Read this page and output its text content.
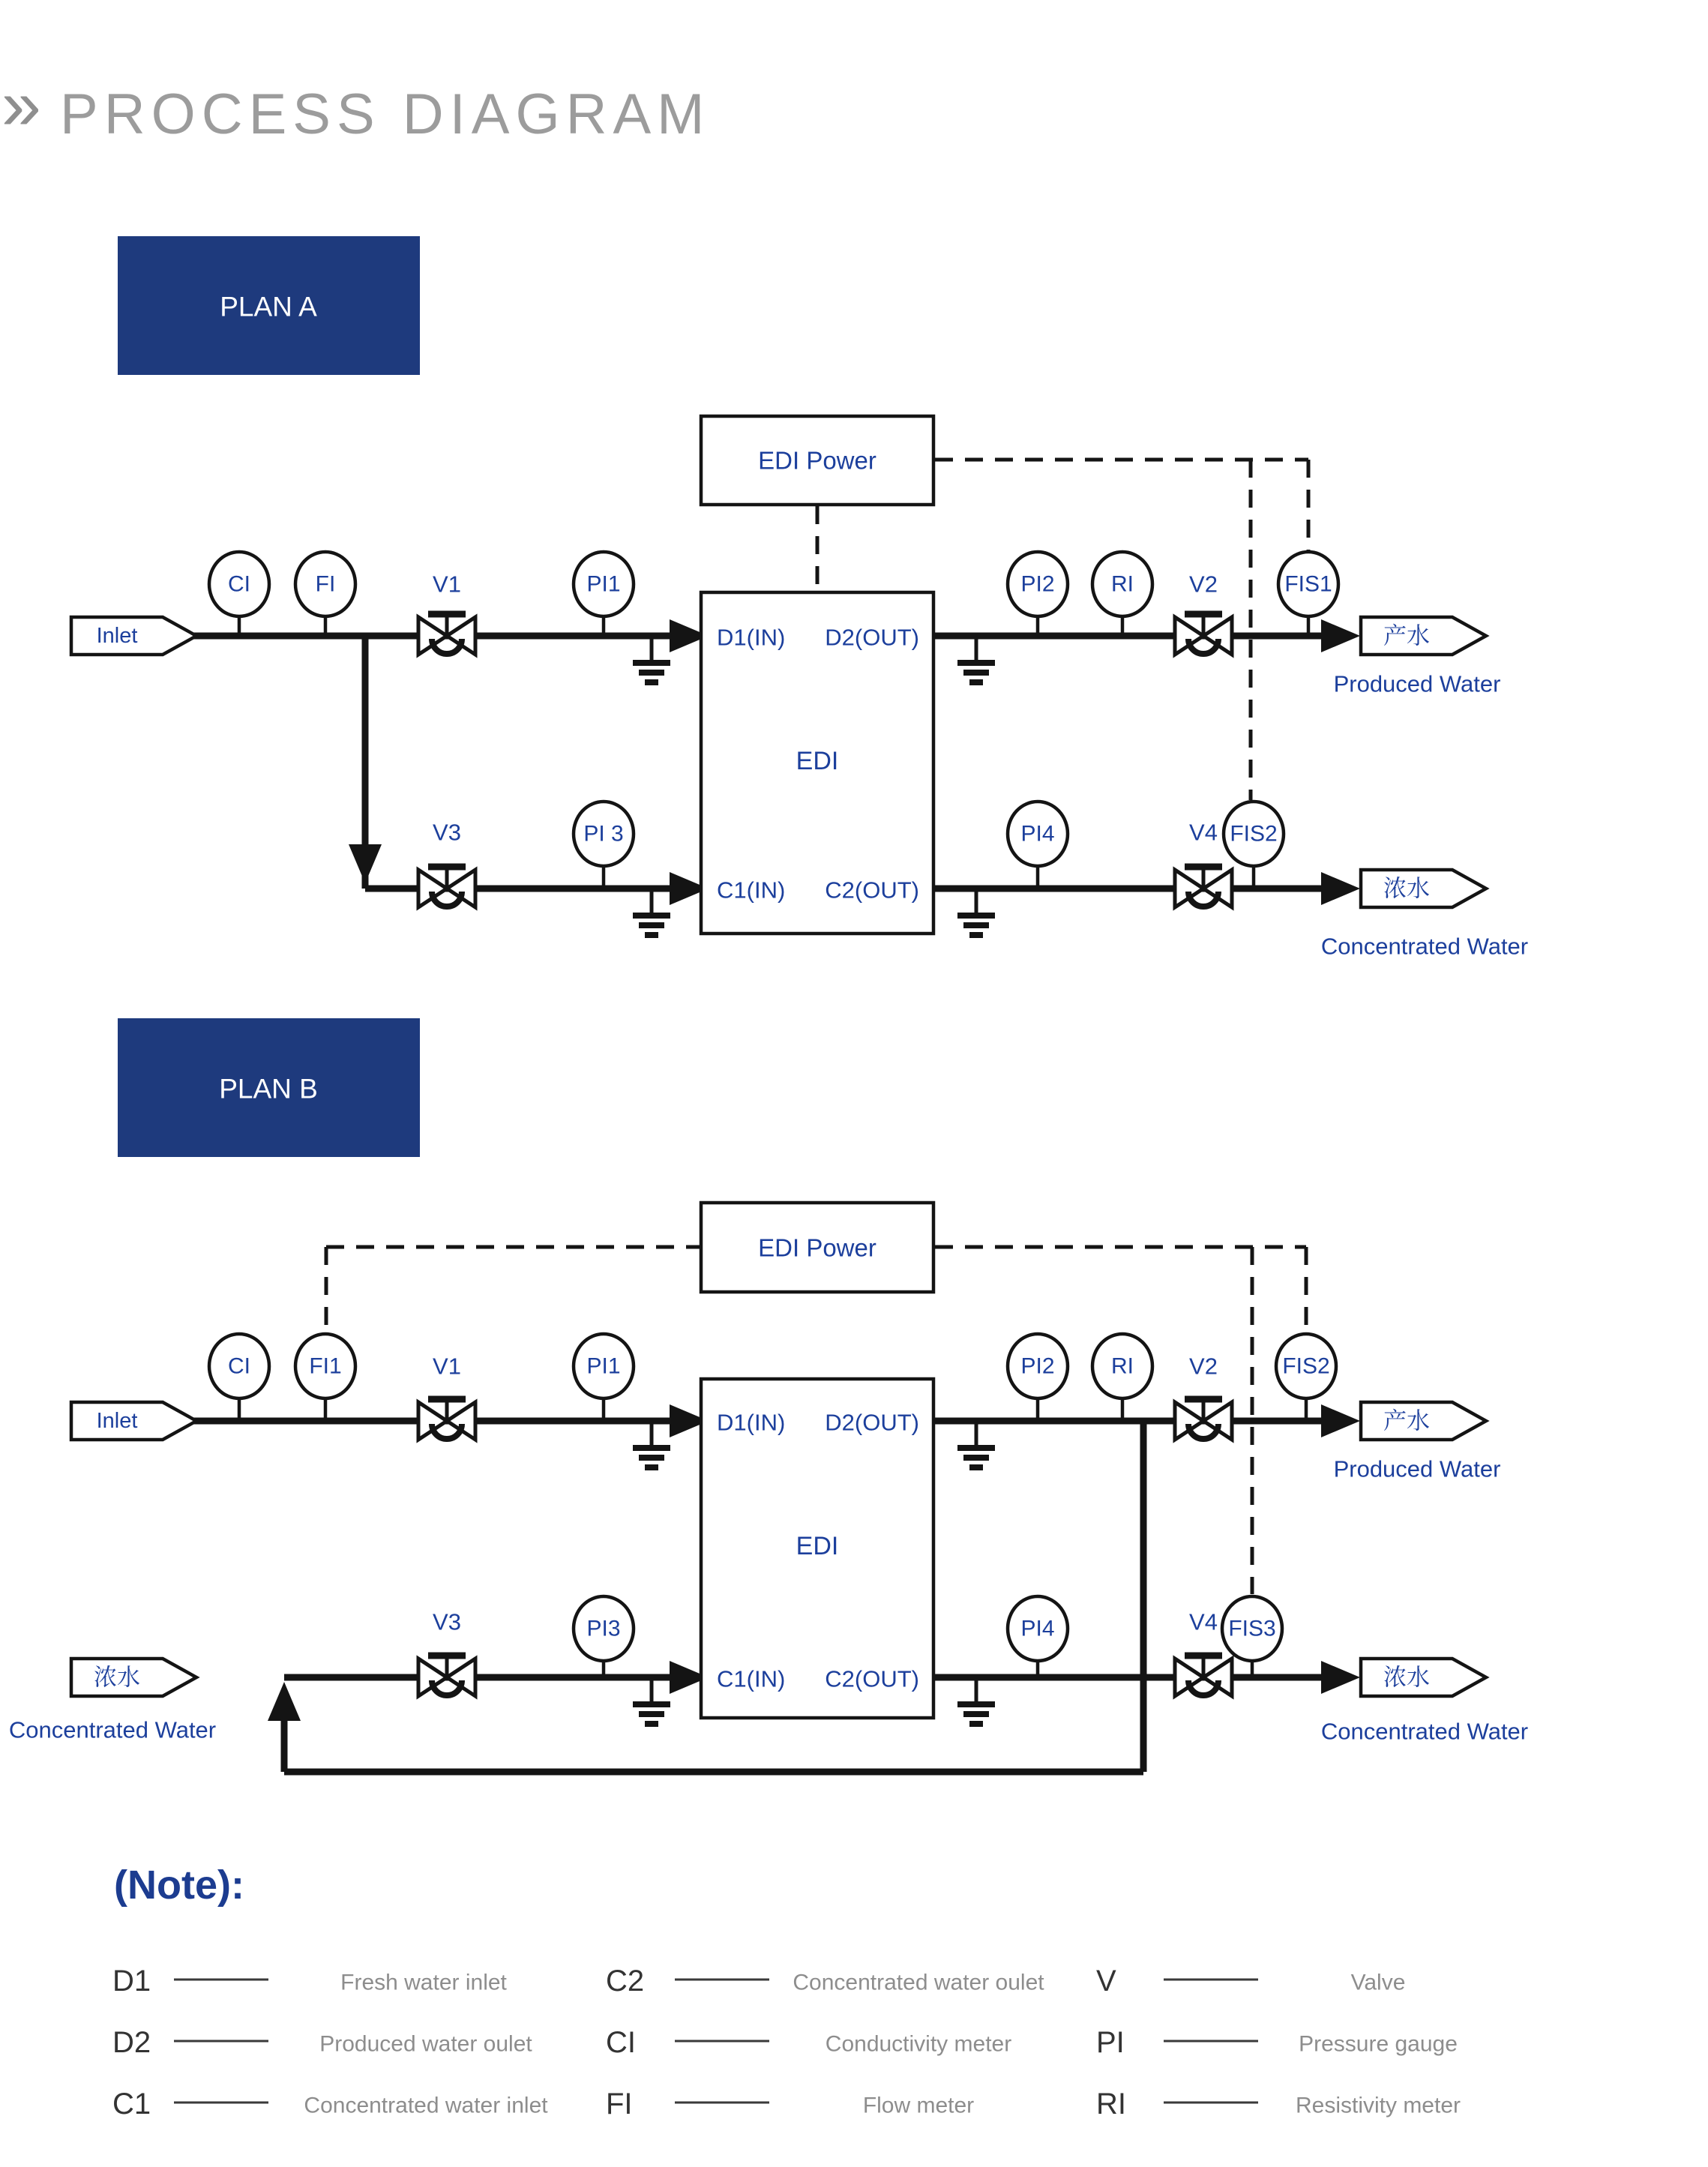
» PROCESS DIAGRAM
PLAN A
EDI Power
D1(IN) D2(OUT)
EDI
C1(IN) C2(OUT)
V1	V2
V3	V4
CI	FI	PI1	PI2	RI	FIS1
PI 3	PI4	FIS2
Inlet	产水
Produced Water
浓水
Concentrated Water
PLAN B
EDI Power
D1(IN) D2(OUT)
EDI
C1(IN) C2(OUT)
V1	V2
V3	V4
CI	FI1	PI1	PI2	RI	FIS2
PI3	PI4	FIS3
Inlet
浓水
Concentrated Water
产水
Produced Water
浓水
Concentrated Water
(Note):
D1	Fresh water inlet
D2	Produced water oulet
C1	Concentrated water inlet
C2	Concentrated water oulet
CI	Conductivity meter
FI	Flow meter
V	Valve
PI	Pressure gauge
RI	Resistivity meter
